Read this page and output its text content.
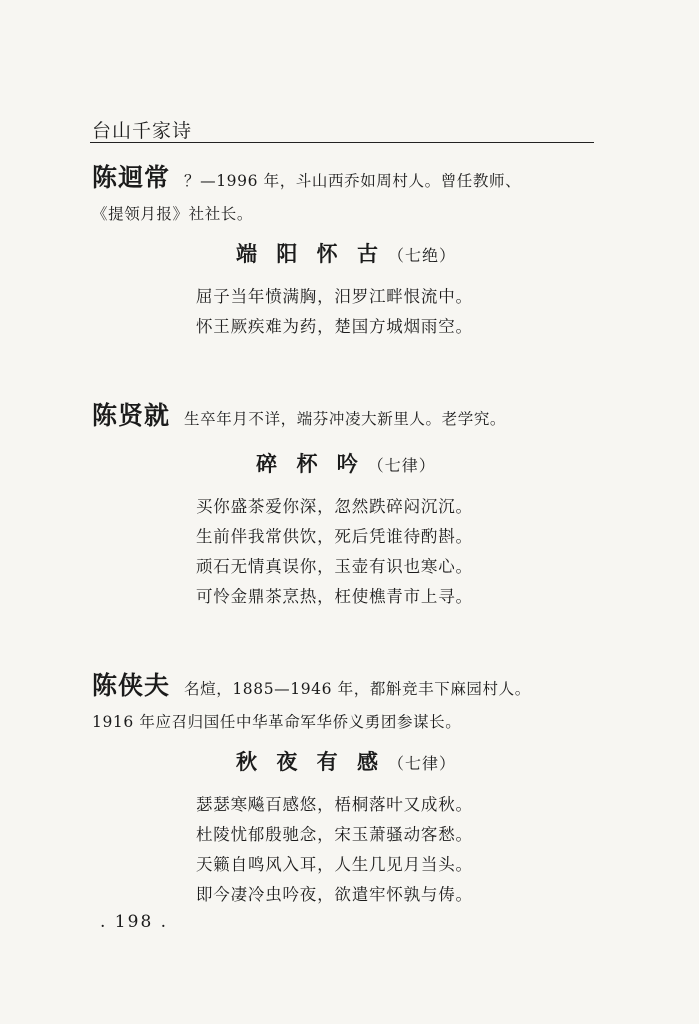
台山千家诗
陈迴常 ？—1996 年，斗山西乔如周村人。曾任教师、
《提领月报》社社长。
端 阳 怀 古 （七绝）
屈子当年愤满胸，汨罗江畔恨流中。
怀王厥疾难为药，楚国方城烟雨空。
陈贤就 生卒年月不详，端芬冲凌大新里人。老学究。
碎 杯 吟 （七律）
买你盛茶爱你深，忽然跌碎闷沉沉。
生前伴我常供饮，死后凭谁待酌斟。
顽石无情真误你，玉壶有识也寒心。
可怜金鼎茶烹热，枉使樵青市上寻。
陈侠夫 名煊，1885—1946 年，都斛竞丰下麻园村人。
1916 年应召归国任中华革命军华侨义勇团参谋长。
秋 夜 有 感 （七律）
瑟瑟寒飚百感悠，梧桐落叶又成秋。
杜陵忧郁殷驰念，宋玉萧骚动客愁。
天籁自鸣风入耳，人生几见月当头。
即今凄冷虫吟夜，欲遣牢怀孰与俦。
. 198 .
